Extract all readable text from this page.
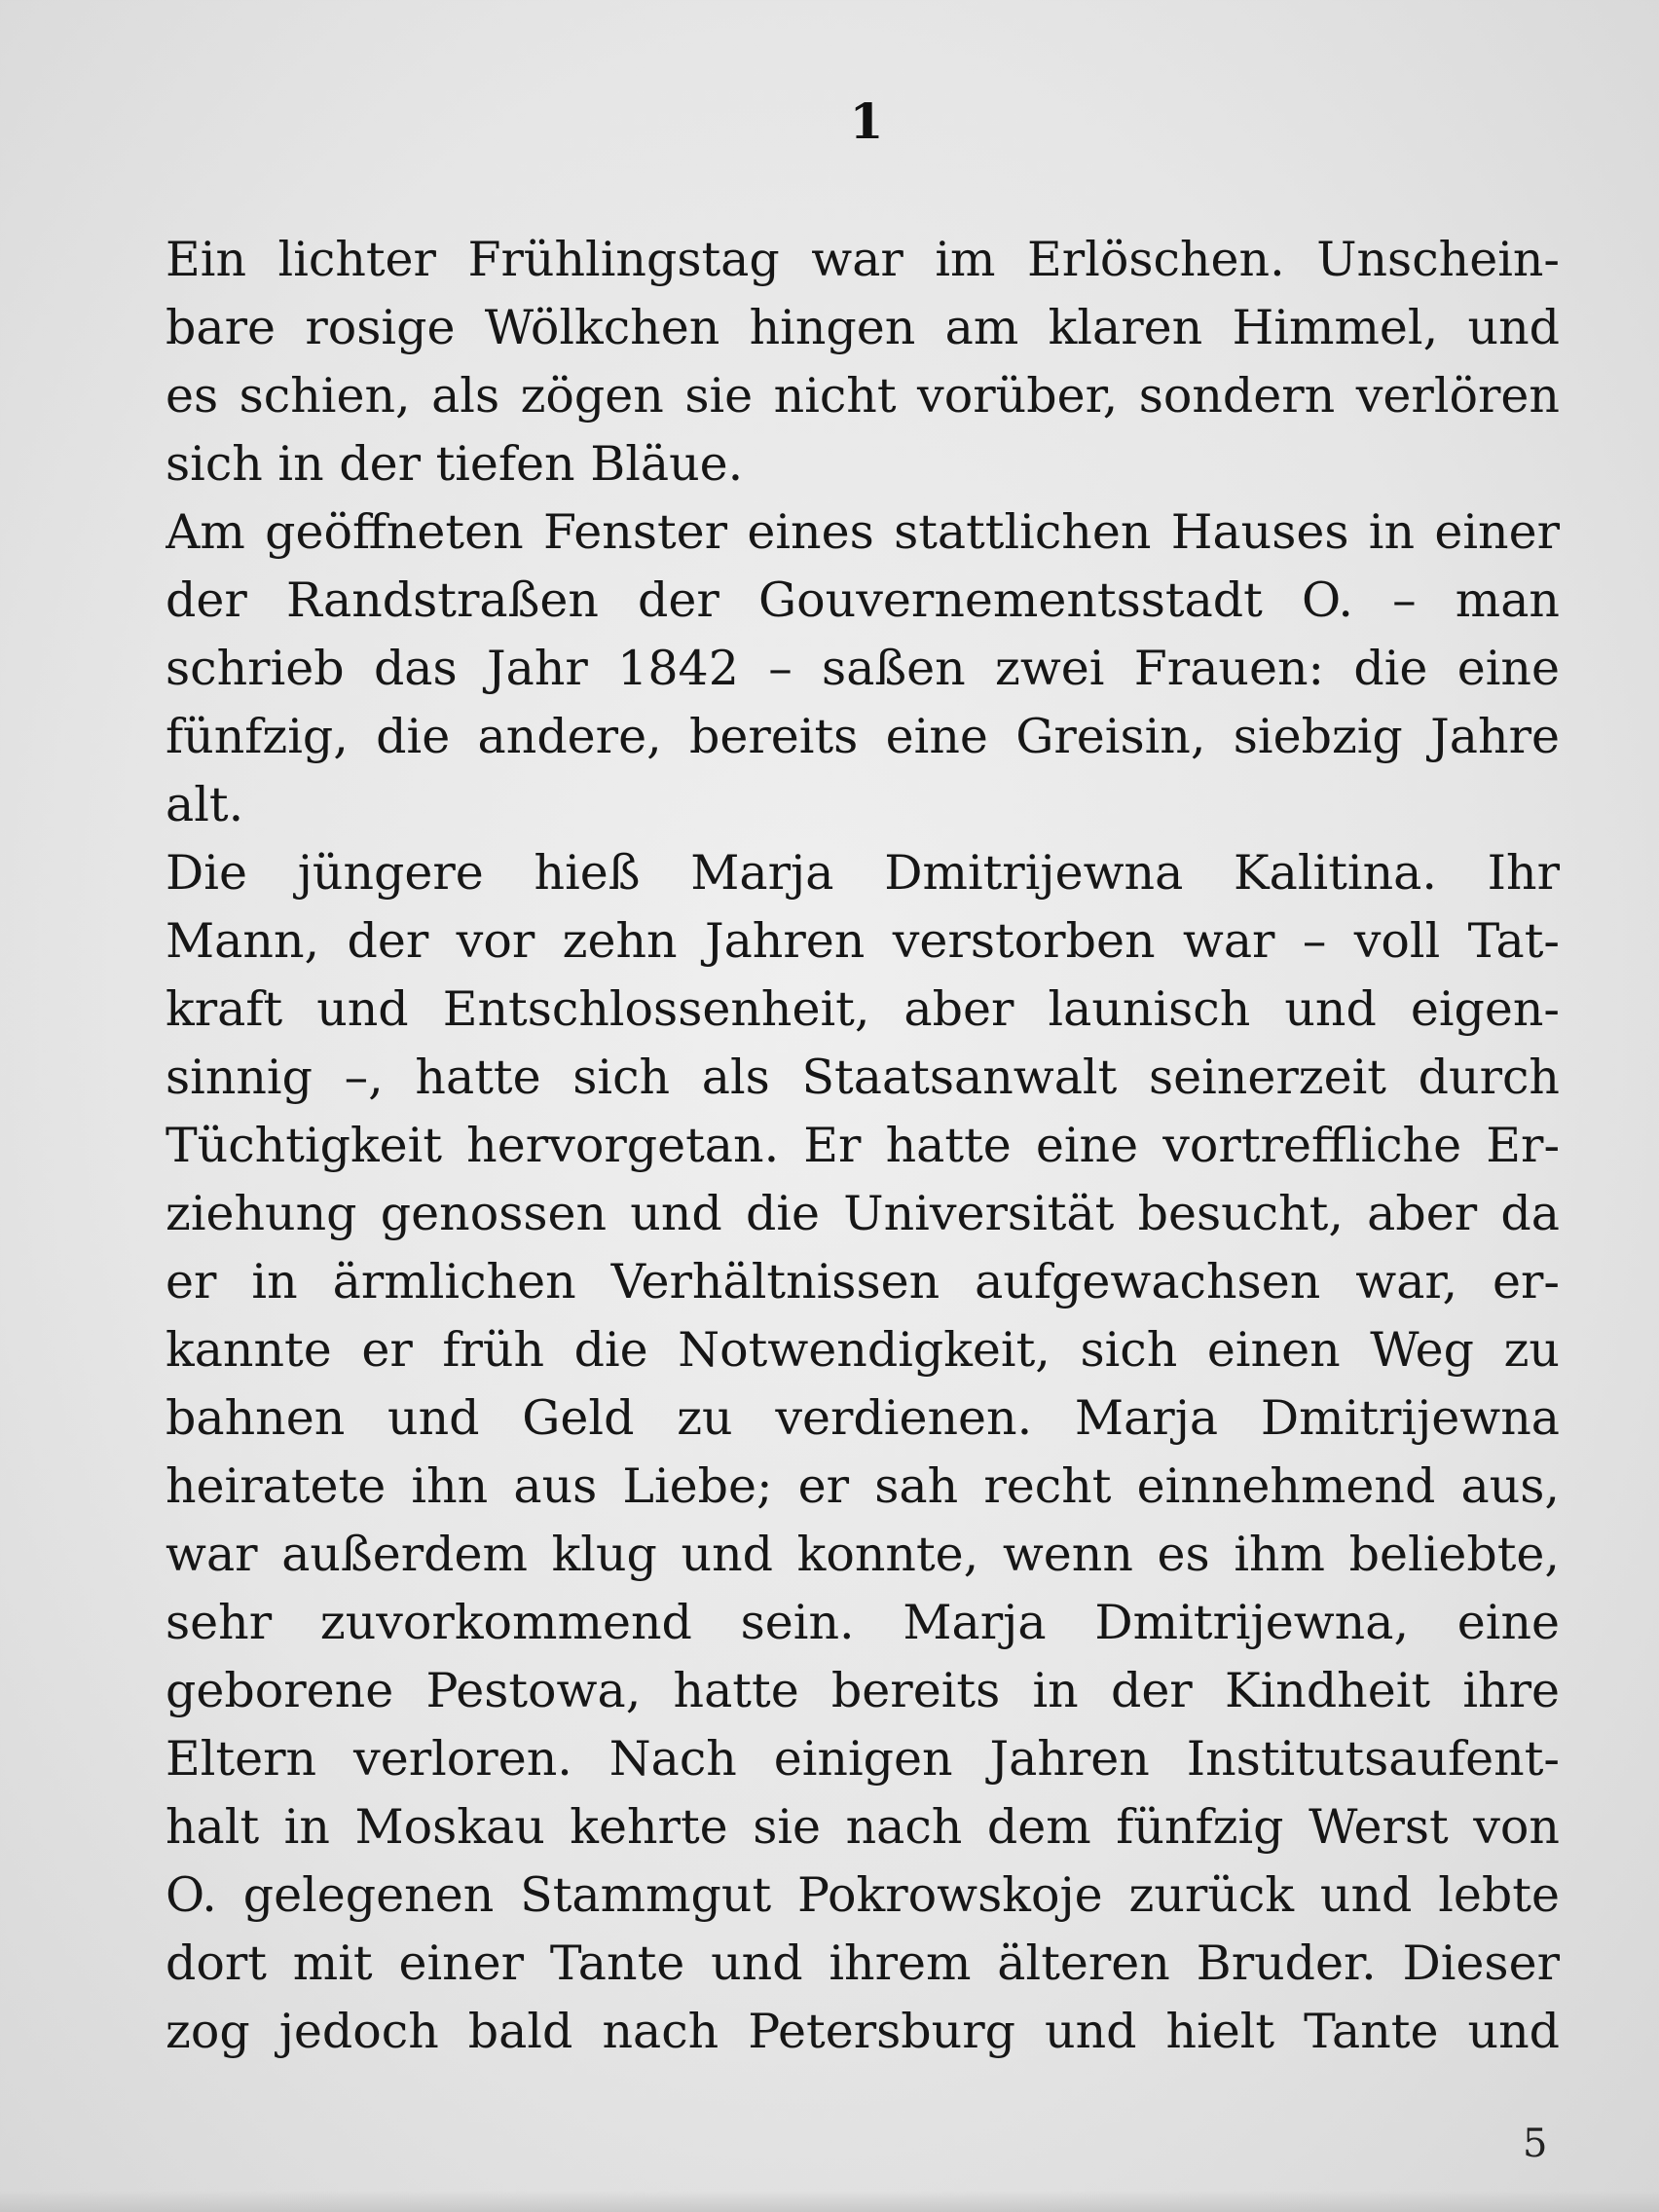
1
Ein lichter Frühlingstag war im Erlöschen. Unschein-
bare rosige Wölkchen hingen am klaren Himmel, und
es schien, als zögen sie nicht vorüber, sondern verlören
sich in der tiefen Bläue.
Am geöffneten Fenster eines stattlichen Hauses in einer
der Randstraßen der Gouvernementsstadt O. – man
schrieb das Jahr 1842 – saßen zwei Frauen: die eine
fünfzig, die andere, bereits eine Greisin, siebzig Jahre
alt.
Die jüngere hieß Marja Dmitrijewna Kalitina. Ihr
Mann, der vor zehn Jahren verstorben war – voll Tat-
kraft und Entschlossenheit, aber launisch und eigen-
sinnig –, hatte sich als Staatsanwalt seinerzeit durch
Tüchtigkeit hervorgetan. Er hatte eine vortreffliche Er-
ziehung genossen und die Universität besucht, aber da
er in ärmlichen Verhältnissen aufgewachsen war, er-
kannte er früh die Notwendigkeit, sich einen Weg zu
bahnen und Geld zu verdienen. Marja Dmitrijewna
heiratete ihn aus Liebe; er sah recht einnehmend aus,
war außerdem klug und konnte, wenn es ihm beliebte,
sehr zuvorkommend sein. Marja Dmitrijewna, eine
geborene Pestowa, hatte bereits in der Kindheit ihre
Eltern verloren. Nach einigen Jahren Institutsaufent-
halt in Moskau kehrte sie nach dem fünfzig Werst von
O. gelegenen Stammgut Pokrowskoje zurück und lebte
dort mit einer Tante und ihrem älteren Bruder. Dieser
zog jedoch bald nach Petersburg und hielt Tante und
5
